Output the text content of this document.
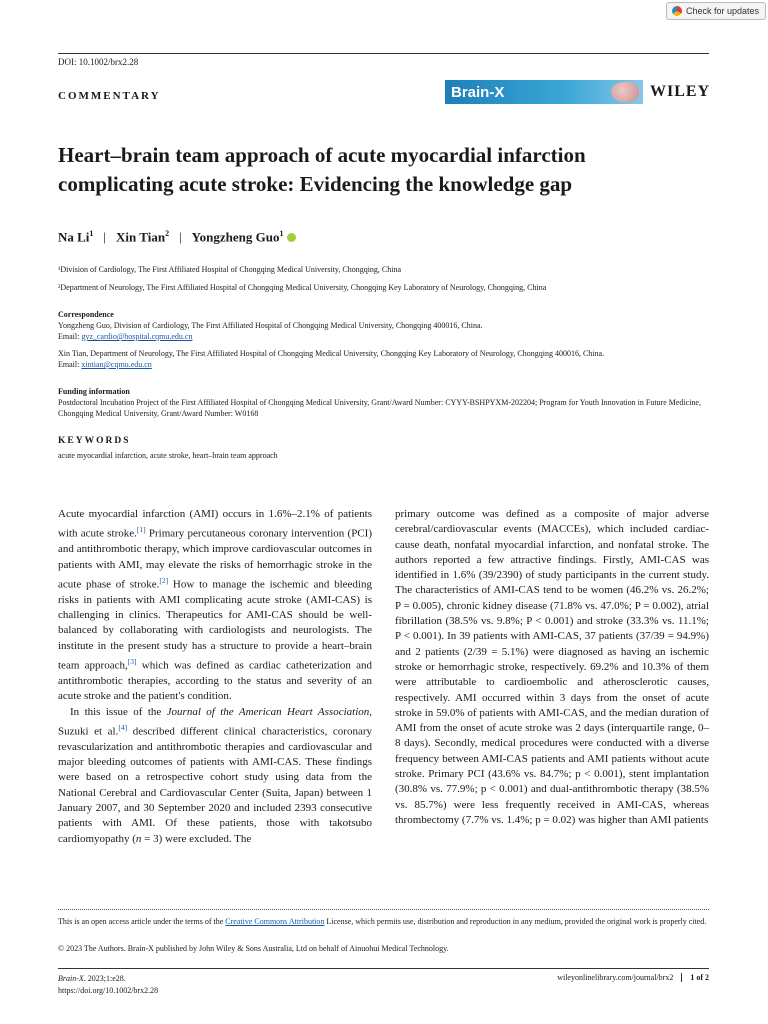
Check for updates
DOI: 10.1002/brx2.28
COMMENTARY	Brain-X	WILEY
Heart–brain team approach of acute myocardial infarction complicating acute stroke: Evidencing the knowledge gap
Na Li$^1$ | Xin Tian$^2$ | Yongzheng Guo$^1$
¹Division of Cardiology, The First Affiliated Hospital of Chongqing Medical University, Chongqing, China
²Department of Neurology, The First Affiliated Hospital of Chongqing Medical University, Chongqing Key Laboratory of Neurology, Chongqing, China
Correspondence
Yongzheng Guo, Division of Cardiology, The First Affiliated Hospital of Chongqing Medical University, Chongqing 400016, China.
Email: gyz_cardio@hospital.cqmu.edu.cn
Xin Tian, Department of Neurology, The First Affiliated Hospital of Chongqing Medical University, Chongqing Key Laboratory of Neurology, Chongqing 400016, China.
Email: xintian@cqmu.edu.cn
Funding information
Postdoctoral Incubation Project of the First Affiliated Hospital of Chongqing Medical University, Grant/Award Number: CYYY-BSHPYXM-202204; Program for Youth Innovation in Future Medicine, Chongqing Medical University, Grant/Award Number: W0168
KEYWORDS
acute myocardial infarction, acute stroke, heart–brain team approach

Acute myocardial infarction (AMI) occurs in 1.6%–2.1% of patients with acute stroke.[1] Primary percutaneous coronary intervention (PCI) and antithrombotic therapy, which improve cardiovascular outcomes in patients with AMI, may elevate the risks of hemorrhagic stroke in the acute phase of stroke.[2] How to manage the ischemic and bleeding risks in patients with AMI complicating acute stroke (AMI-CAS) is challenging in clinics. Therapeutics for AMI-CAS should be well-balanced by collaborating with cardiologists and neurologists. The institute in the present study has a structure to provide a heart–brain team approach,[3] which was defined as cardiac catheterization and antithrombotic therapies, according to the status and severity of an acute stroke and the patient's condition.

In this issue of the Journal of the American Heart Association, Suzuki et al.[4] described different clinical characteristics, coronary revascularization and antithrombotic therapies and cardiovascular and major bleeding outcomes of patients with AMI-CAS. These findings were based on a retrospective cohort study using data from the National Cerebral and Cardiovascular Center (Suita, Japan) between 1 January 2007, and 30 September 2020 and included 2393 consecutive patients with AMI. Of these patients, those with takotsubo cardiomyopathy (n = 3) were excluded. The

primary outcome was defined as a composite of major adverse cerebral/cardiovascular events (MACCEs), which included cardiac-cause death, nonfatal myocardial infarction, and nonfatal stroke. The authors reported a few attractive findings. Firstly, AMI-CAS was identified in 1.6% (39/2390) of study participants in the current study. The characteristics of AMI-CAS tend to be women (46.2% vs. 26.2%; P = 0.005), chronic kidney disease (71.8% vs. 47.0%; P = 0.002), atrial fibrillation (38.5% vs. 9.8%; P < 0.001) and stroke (33.3% vs. 11.1%; P < 0.001). In 39 patients with AMI-CAS, 37 patients (37/39 = 94.9%) and 2 patients (2/39 = 5.1%) were diagnosed as having an ischemic stroke or hemorrhagic stroke, respectively. 69.2% and 10.3% of them were attributable to cardioembolic and atherosclerotic causes, respectively. AMI occurred within 3 days from the onset of acute stroke in 59.0% of patients with AMI-CAS, and the median duration of AMI from the onset of acute stroke was 2 days (interquartile range, 0–8 days). Secondly, medical procedures were conducted with a diverse frequency between AMI-CAS patients and AMI patients without acute stroke. Primary PCI (43.6% vs. 84.7%; p < 0.001), stent implantation (30.8% vs. 77.9%; p < 0.001) and dual-antithrombotic therapy (38.5% vs. 85.7%) were less frequently received in AMI-CAS, whereas thrombectomy (7.7% vs. 1.4%; p = 0.02) was higher than AMI patients

This is an open access article under the terms of the Creative Commons Attribution License, which permits use, distribution and reproduction in any medium, provided the original work is properly cited.
© 2023 The Authors. Brain-X published by John Wiley & Sons Australia, Ltd on behalf of Ainuohui Medical Technology.
Brain-X. 2023;1:e28.
https://doi.org/10.1002/brx2.28
wileyonlinelibrary.com/journal/brx2	1 of 2
